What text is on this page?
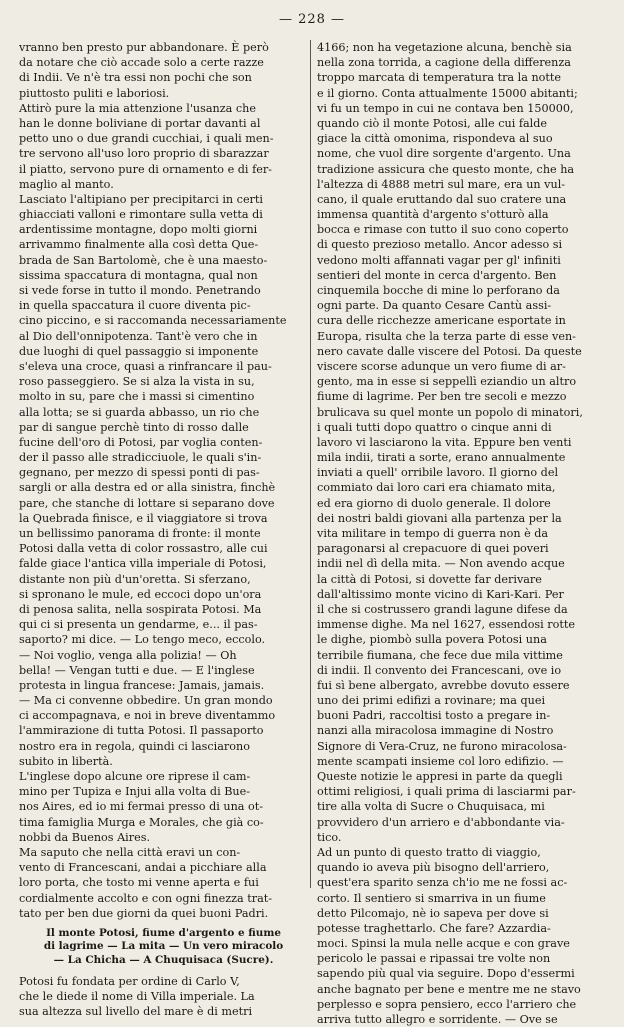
— 228 —
vranno ben presto pur abbandonare. È però
da notare che ciò accade solo a certe razze
di Indii. Ve n'è tra essi non pochi che son
piuttosto puliti e laboriosi.
Attirò pure la mia attenzione l'usanza che
han le donne boliviane di portar davanti al
petto uno o due grandi cucchiai, i quali men-
tre servono all'uso loro proprio di sbarazzar
il piatto, servono pure di ornamento e di fer-
maglio al manto.
Lasciato l'altipiano per precipitarci in certi
ghiacciati valloni e rimontare sulla vetta di
ardentissime montagne, dopo molti giorni
arrivammo finalmente alla così detta Que-
brada de San Bartolomè, che è una maesto-
sissima spaccatura di montagna, qual non
si vede forse in tutto il mondo. Penetrando
in quella spaccatura il cuore diventa pic-
cino piccino, e si raccomanda necessariamente
al Dio dell'onnipotenza. Tant'è vero che in
due luoghi di quel passaggio si imponente
s'eleva una croce, quasi a rinfrancare il pau-
roso passeggiero. Se si alza la vista in su,
molto in su, pare che i massi si cimentino
alla lotta; se si guarda abbasso, un rio che
par di sangue perchè tinto di rosso dalle
fucine dell'oro di Potosi, par voglia conten-
der il passo alle stradicciuole, le quali s'in-
gegnano, per mezzo di spessi ponti di pas-
sargli or alla destra ed or alla sinistra, finchè
pare, che stanche di lottare si separano dove
la Quebrada finisce, e il viaggiatore si trova
un bellissimo panorama di fronte: il monte
Potosi dalla vetta di color rossastro, alle cui
falde giace l'antica villa imperiale di Potosi,
distante non più d'un'oretta. Si sferzano,
si spronano le mule, ed eccoci dopo un'ora
di penosa salita, nella sospirata Potosi. Ma
qui ci si presenta un gendarme, e... il pas-
saporto? mi dice. — Lo tengo meco, eccolo.
— Noi voglio, venga alla polizia! — Oh
bella! — Vengan tutti e due. — E l'inglese
protesta in lingua francese: Jamais, jamais.
— Ma ci convenne obbedire. Un gran mondo
ci accompagnava, e noi in breve diventammo
l'ammirazione di tutta Potosi. Il passaporto
nostro era in regola, quindi ci lasciarono
subito in libertà.
L'inglese dopo alcune ore riprese il cam-
mino per Tupiza e Injui alla volta di Bue-
nos Aires, ed io mi fermai presso di una ot-
tima famiglia Murga e Morales, che già co-
nobbi da Buenos Aires.
Ma saputo che nella città eravi un con-
vento di Francescani, andai a picchiare alla
loro porta, che tosto mi venne aperta e fui
cordialmente accolto e con ogni finezza trat-
tato per ben due giorni da quei buoni Padri.
Il monte Potosi, fiume d'argento e fiume
di lagrime — La mita — Un vero miracolo
— La Chicha — A Chuquisaca (Sucre).
Potosi fu fondata per ordine di Carlo V,
che le diede il nome di Villa imperiale. La
sua altezza sul livello del mare è di metri
4166; non ha vegetazione alcuna, benchè sia
nella zona torrida, a cagione della differenza
troppo marcata di temperatura tra la notte
e il giorno. Conta attualmente 15000 abitanti;
vi fu un tempo in cui ne contava ben 150000,
quando ciò il monte Potosi, alle cui falde
giace la città omonima, rispondeva al suo
nome, che vuol dire sorgente d'argento. Una
tradizione assicura che questo monte, che ha
l'altezza di 4888 metri sul mare, era un vul-
cano, il quale eruttando dal suo cratere una
immensa quantità d'argento s'otturò alla
bocca e rimase con tutto il suo cono coperto
di questo prezioso metallo. Ancor adesso si
vedono molti affannati vagar per gl' infiniti
sentieri del monte in cerca d'argento. Ben
cinquemila bocche di mine lo perforano da
ogni parte. Da quanto Cesare Cantù assi-
cura delle ricchezze americane esportate in
Europa, risulta che la terza parte di esse ven-
nero cavate dalle viscere del Potosi. Da queste
viscere scorse adunque un vero fiume di ar-
gento, ma in esse si seppellì eziandio un altro
fiume di lagrime. Per ben tre secoli e mezzo
brulicava su quel monte un popolo di minatori,
i quali tutti dopo quattro o cinque anni di
lavoro vi lasciarono la vita. Eppure ben venti
mila indii, tirati a sorte, erano annualmente
inviati a quell' orribile lavoro. Il giorno del
commiato dai loro cari era chiamato mita,
ed era giorno di duolo generale. Il dolore
dei nostri baldi giovani alla partenza per la
vita militare in tempo di guerra non è da
paragonarsi al crepacuore di quei poveri
indii nel dì della mita. — Non avendo acque
la città di Potosi, si dovette far derivare
dall'altissimo monte vicino di Kari-Kari. Per
il che si costrussero grandi lagune difese da
immense dighe. Ma nel 1627, essendosi rotte
le dighe, piombò sulla povera Potosi una
terribile fiumana, che fece due mila vittime
di indii. Il convento dei Francescani, ove io
fui sì bene albergato, avrebbe dovuto essere
uno dei primi edifizi a rovinare; ma quei
buoni Padri, raccoltisi tosto a pregare in-
nanzi alla miracolosa immagine di Nostro
Signore di Vera-Cruz, ne furono miracolosa-
mente scampati insieme col loro edifizio. —
Queste notizie le appresi in parte da quegli
ottimi religiosi, i quali prima di lasciarmi par-
tire alla volta di Sucre o Chuquisaca, mi
provvidero d'un arriero e d'abbondante via-
tico.
Ad un punto di questo tratto di viaggio,
quando io aveva più bisogno dell'arriero,
quest'era sparito senza ch'io me ne fossi ac-
corto. Il sentiero si smarriva in un fiume
detto Pilcomajo, nè io sapeva per dove si
potesse traghettarlo. Che fare? Azzardia-
moci. Spinsi la mula nelle acque e con grave
pericolo le passai e ripassai tre volte non
sapendo più qual via seguire. Dopo d'essermi
anche bagnato per bene e mentre me ne stavo
perplesso e sopra pensiero, ecco l'arriero che
arriva tutto allegro e sorridente. — Ove se
